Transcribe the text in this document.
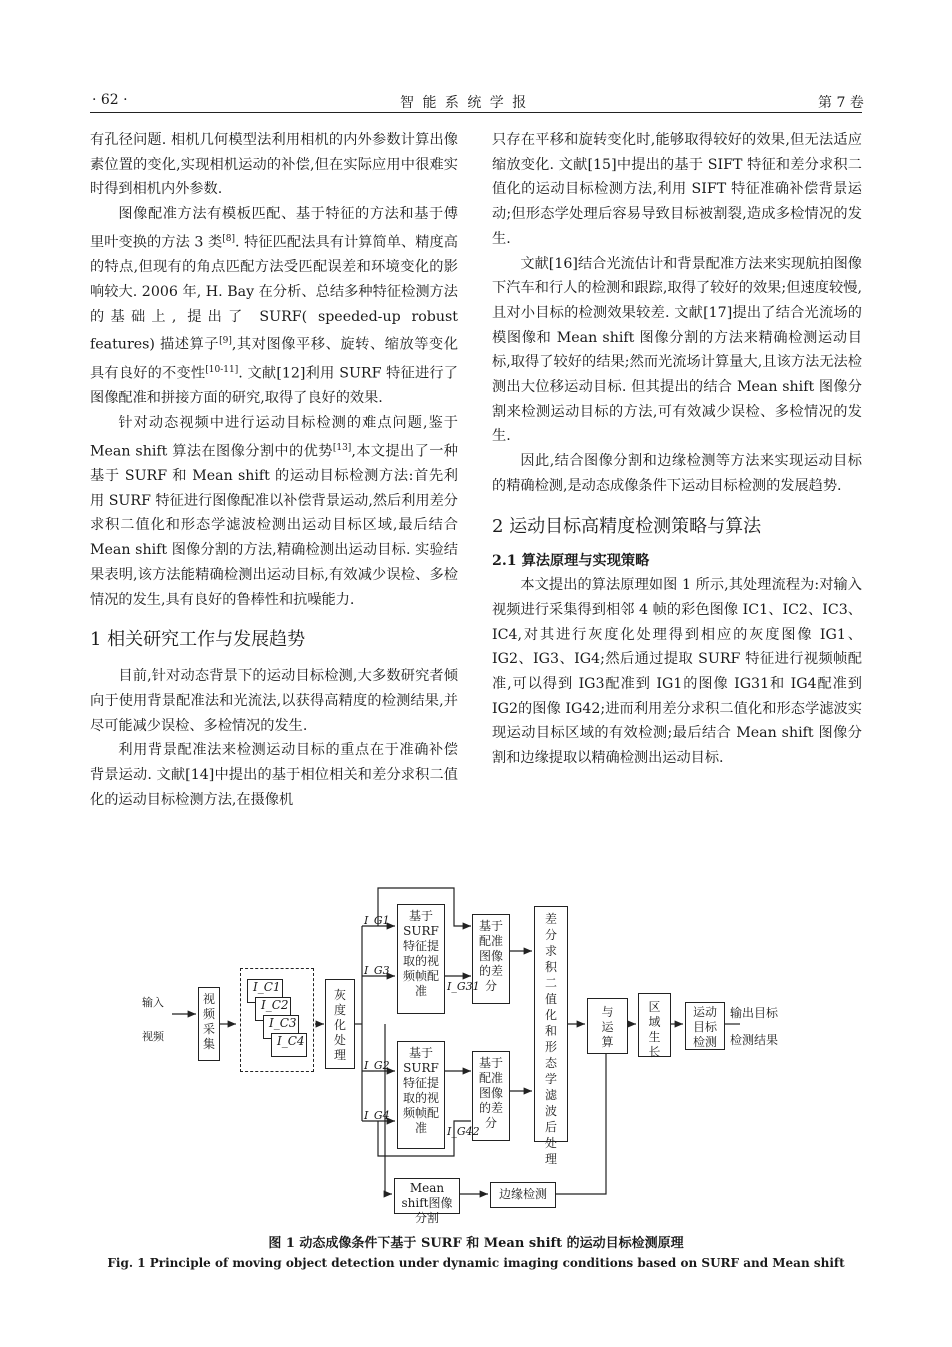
· 62 ·	智 能 系 统 学 报	第 7 卷

有孔径问题. 相机几何模型法利用相机的内外参数计算出像素位置的变化,实现相机运动的补偿,但在实际应用中很难实时得到相机内外参数.

图像配准方法有模板匹配、基于特征的方法和基于傅里叶变换的方法 3 类[8]. 特征匹配法具有计算简单、精度高的特点,但现有的角点匹配方法受匹配误差和环境变化的影响较大. 2006 年, H. Bay 在分析、总结多种特征检测方法的基础上, 提出了 SURF( speeded-up robust features) 描述算子[9],其对图像平移、旋转、缩放等变化具有良好的不变性[10-11]. 文献[12]利用 SURF 特征进行了图像配准和拼接方面的研究,取得了良好的效果.

针对动态视频中进行运动目标检测的难点问题,鉴于 Mean shift 算法在图像分割中的优势[13],本文提出了一种基于 SURF 和 Mean shift 的运动目标检测方法:首先利用 SURF 特征进行图像配准以补偿背景运动,然后利用差分求积二值化和形态学滤波检测出运动目标区域,最后结合 Mean shift 图像分割的方法,精确检测出运动目标. 实验结果表明,该方法能精确检测出运动目标,有效减少误检、多检情况的发生,具有良好的鲁棒性和抗噪能力.

1 相关研究工作与发展趋势

目前,针对动态背景下的运动目标检测,大多数研究者倾向于使用背景配准法和光流法,以获得高精度的检测结果,并尽可能减少误检、多检情况的发生.

利用背景配准法来检测运动目标的重点在于准确补偿背景运动. 文献[14]中提出的基于相位相关和差分求积二值化的运动目标检测方法,在摄像机

只存在平移和旋转变化时,能够取得较好的效果,但无法适应缩放变化. 文献[15]中提出的基于 SIFT 特征和差分求积二值化的运动目标检测方法,利用 SIFT 特征准确补偿背景运动;但形态学处理后容易导致目标被割裂,造成多检情况的发生.

文献[16]结合光流估计和背景配准方法来实现航拍图像下汽车和行人的检测和跟踪,取得了较好的效果;但速度较慢,且对小目标的检测效果较差. 文献[17]提出了结合光流场的模图像和 Mean shift 图像分割的方法来精确检测运动目标,取得了较好的结果;然而光流场计算量大,且该方法无法检测出大位移运动目标. 但其提出的结合 Mean shift 图像分割来检测运动目标的方法,可有效减少误检、多检情况的发生.

因此,结合图像分割和边缘检测等方法来实现运动目标的精确检测,是动态成像条件下运动目标检测的发展趋势.

2 运动目标高精度检测策略与算法

2.1 算法原理与实现策略

本文提出的算法原理如图 1 所示,其处理流程为:对输入视频进行采集得到相邻 4 帧的彩色图像 IC1、IC2、IC3、IC4,对其进行灰度化处理得到相应的灰度图像 IG1、IG2、IG3、IG4;然后通过提取 SURF 特征进行视频帧配准,可以得到 IG3配准到 IG1的图像 IG31和 IG4配准到 IG2的图像 IG42;进而利用差分求积二值化和形态学滤波实现运动目标区域的有效检测;最后结合 Mean shift 图像分割和边缘提取以精确检测出运动目标.

输入
视频
视频采集
I_C1
I_C2
I_C3
I_C4
灰度化处理
基于SURF特征提取的视频帧配准
基于SURF特征提取的视频帧配准
基于配准图像的差分
基于配准图像的差分
差分求积二值化和形态学滤波后处理
与运算
区域生长
运动目标检测
输出目标
检测结果
Mean shift图像分割
边缘检测
I_G1
I_G3
I_G31
I_G2
I_G4
I_G42
图 1 动态成像条件下基于 SURF 和 Mean shift 的运动目标检测原理
Fig. 1 Principle of moving object detection under dynamic imaging conditions based on SURF and Mean shift
